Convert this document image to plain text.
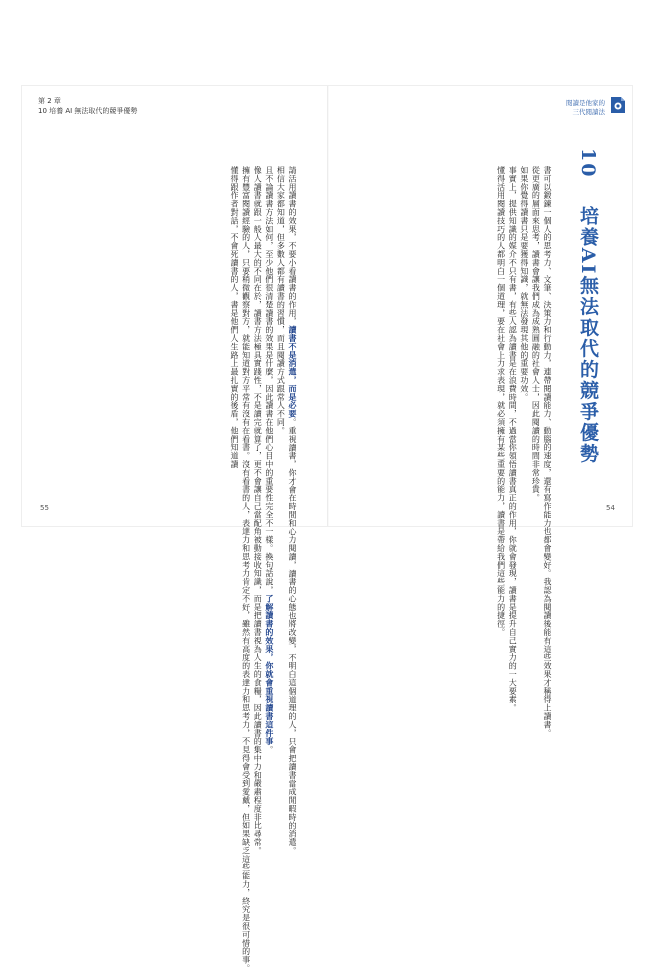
第 2 章
10 培養 AI 無法取代的競爭優勢
閱讀是他家的
三代閱讀法
10  培養AI無法取代的競爭優勢
書可以鍛鍊一個人的思考力、文筆、決策力和行動力，連帶閱讀能力、動腦的速度，還有寫作能力也都會變好。我認為閱讀後能有這些效果才稱得上讀書。
從更廣的層面來思考，讀書會讓我們成為成熟圓融的社會人士，因此閱讀的時間非常珍貴。
如果你覺得讀書只是要獲得知識，就無法發現其他的重要功效。
事實上，提供知識的媒介不只有書，有些人認為讀書是在浪費時間，不過當你領悟讀書真正的作用，你就會發現，讀書是提升自己實力的一大要素。
懂得活用閱讀技巧的人都明白一個道理，要在社會上力求表現，就必須擁有某些重要的能力，讀書是帶給我們這些能力的捷徑。
請活用讀書的效果，不要小看讀書的作用，讀書不是消遣，而是必要。重視讀書，你才會在時間和心力閱讀，讀書的心態也將改變，不明白這個道理的人，只會把讀書當成閒暇時的消遣。
相信大家都知道，但多數人都有讀書的習慣，而且閱讀方式跟常人不同。
且不論讀書方法如何，至少他們很清楚讀書的效果是什麼，因此讀書在他們心目中的重要性完全不一樣。換句話說，了解讀書的效果，你就會重視讀書這件事。
像人讀書就跟一般人最大的不同在於，讀書方法極具實踐性，不是讀完就算了，更不會讓自己當配角被動接收知識，而是把讀書視為人生的食糧，因此讀書的集中力和嚴肅程度非比尋常。
擁有豐富閱讀經驗的人，只要稍微觀察對方，就能知道對方平常有沒有在看書。沒有看書的人，表達力和思考力肯定不好，雖然有高度的表達力和思考力，不見得會受到愛戴，但如果缺乏這些能力，終究是很可惜的事。
懂得跟作者對話，不會死讀書的人，書是他們人生路上最扎實的後盾，他們知道讀
55	54
